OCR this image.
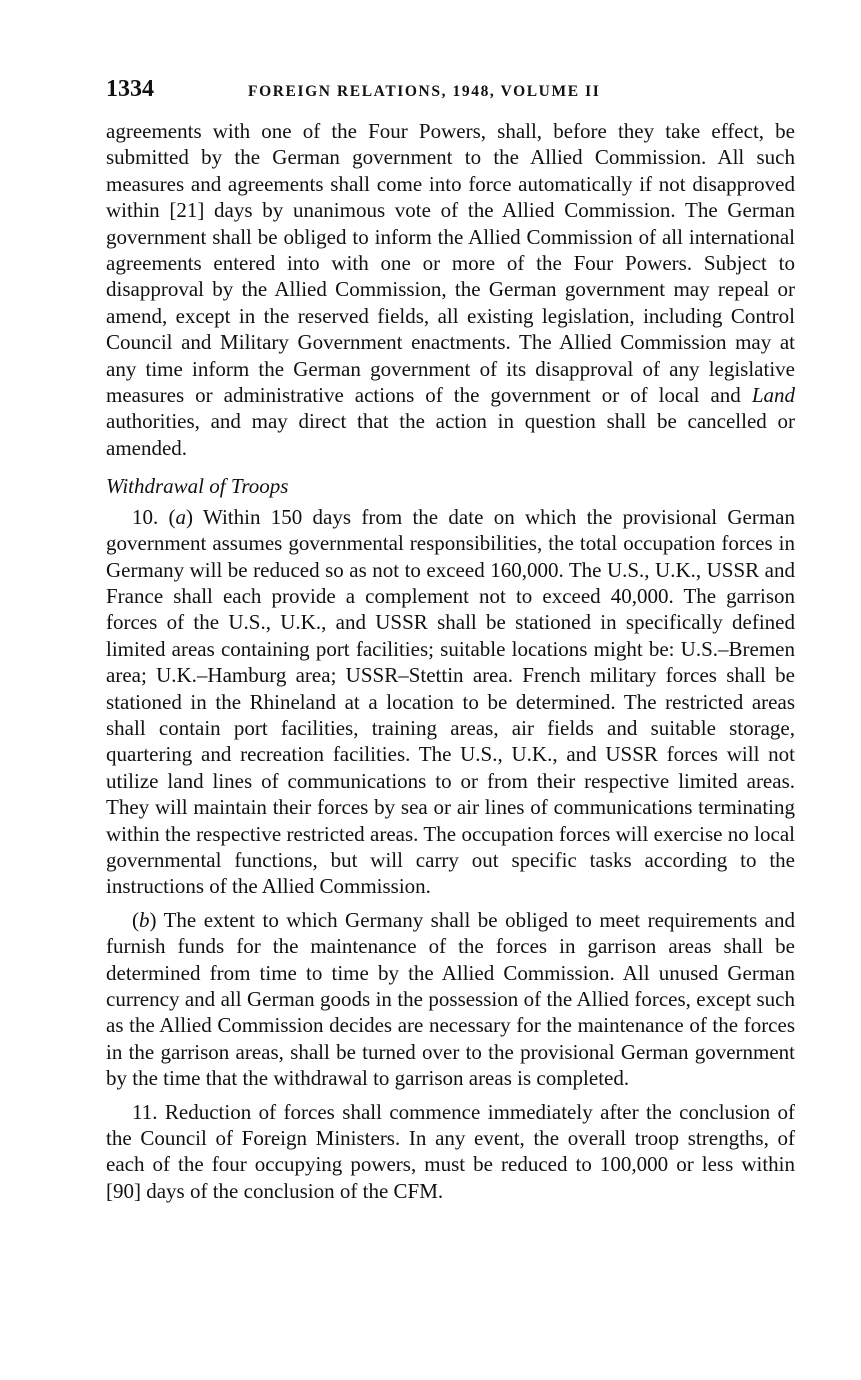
1334	FOREIGN RELATIONS, 1948, VOLUME II

agreements with one of the Four Powers, shall, before they take effect, be submitted by the German government to the Allied Commission. All such measures and agreements shall come into force automatically if not disapproved within [21] days by unanimous vote of the Allied Commission. The German government shall be obliged to inform the Allied Commission of all international agreements entered into with one or more of the Four Powers. Subject to disapproval by the Allied Commission, the German government may repeal or amend, except in the reserved fields, all existing legislation, including Control Council and Military Government enactments. The Allied Commission may at any time inform the German government of its disapproval of any legislative measures or administrative actions of the government or of local and Land authorities, and may direct that the action in question shall be cancelled or amended.

Withdrawal of Troops

10. (a) Within 150 days from the date on which the provisional German government assumes governmental responsibilities, the total occupation forces in Germany will be reduced so as not to exceed 160,000. The U.S., U.K., USSR and France shall each provide a complement not to exceed 40,000. The garrison forces of the U.S., U.K., and USSR shall be stationed in specifically defined limited areas containing port facilities; suitable locations might be: U.S.–Bremen area; U.K.–Hamburg area; USSR–Stettin area. French military forces shall be stationed in the Rhineland at a location to be determined. The restricted areas shall contain port facilities, training areas, air fields and suitable storage, quartering and recreation facilities. The U.S., U.K., and USSR forces will not utilize land lines of communications to or from their respective limited areas. They will maintain their forces by sea or air lines of communications terminating within the respective restricted areas. The occupation forces will exercise no local governmental functions, but will carry out specific tasks according to the instructions of the Allied Commission.

(b) The extent to which Germany shall be obliged to meet requirements and furnish funds for the maintenance of the forces in garrison areas shall be determined from time to time by the Allied Commission. All unused German currency and all German goods in the possession of the Allied forces, except such as the Allied Commission decides are necessary for the maintenance of the forces in the garrison areas, shall be turned over to the provisional German government by the time that the withdrawal to garrison areas is completed.

11. Reduction of forces shall commence immediately after the conclusion of the Council of Foreign Ministers. In any event, the overall troop strengths, of each of the four occupying powers, must be reduced to 100,000 or less within [90] days of the conclusion of the CFM.
